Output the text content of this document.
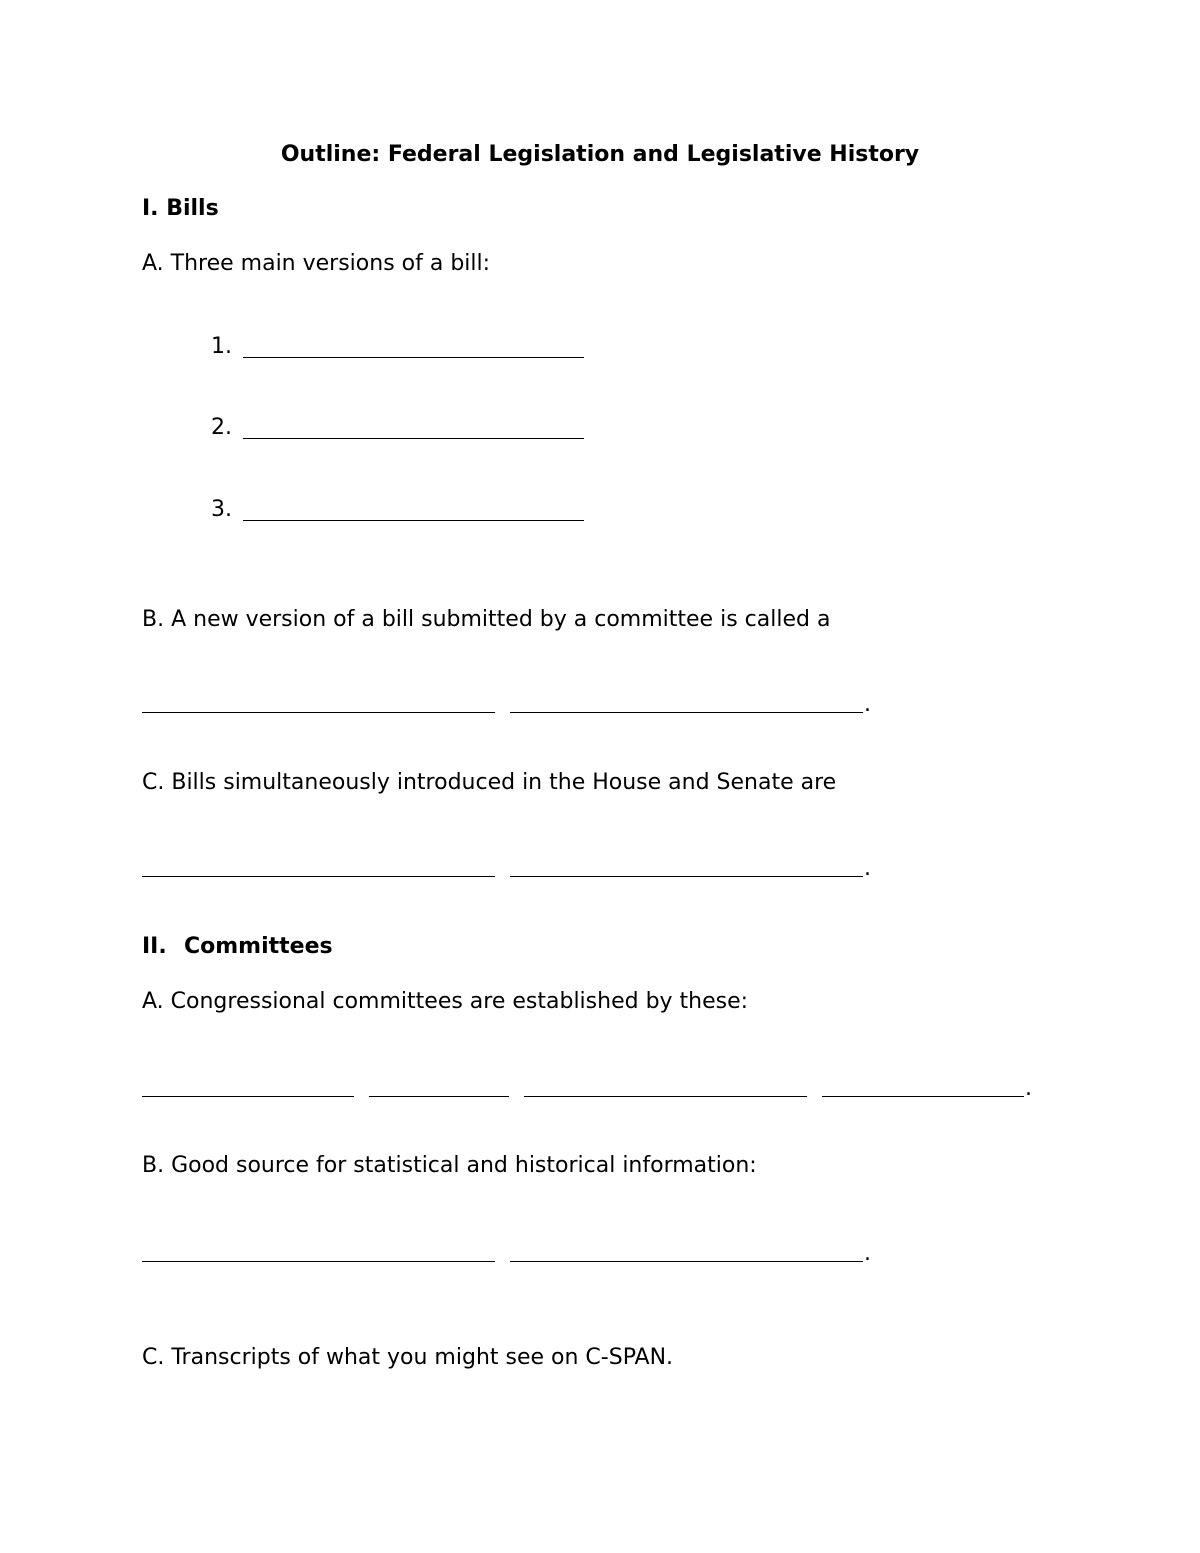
Outline: Federal Legislation and Legislative History
I. Bills
A. Three main versions of a bill:
1.
2.
3.
B. A new version of a bill submitted by a committee is called a
.
C. Bills simultaneously introduced in the House and Senate are
.
II. Committees
A. Congressional committees are established by these:
.
B. Good source for statistical and historical information:
.
C. Transcripts of what you might see on C-SPAN.
